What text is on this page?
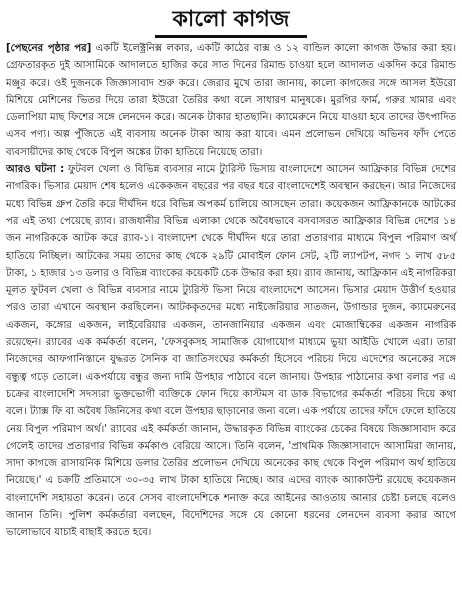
কালো কাগজ

[পেছনের পৃষ্ঠার পর] একটি ইলেক্ট্রনিক্স লকার, একটি কাঠের বাক্স ও ১২ বান্ডিল কালো কাগজ উদ্ধার করা হয়। গ্রেফতারকৃত দুই আসামিকে আদালতে হাজির করে সাত দিনের রিমান্ড চাওয়া হলে আদালত একদিন করে রিমান্ড মঞ্জুর করে। ওই দুজনকে জিজ্ঞাসাবাদ শুরু করে। জেরার মুখে তারা জানায়, কালো কাগজের সঙ্গে আসল ইউরো মিশিয়ে মেশিনের ভিতর দিয়ে তারা ইউরো তৈরির কথা বলে সাধারণ মানুষকে। মুরগির ফার্ম, গরুর খামার এবং ডেলাপিয়া মাছ ফিশের সঙ্গে লেনদেন করে। অনেক টাকার হাতছানি। ক্যামেরুনে নিয়ে যাওয়া হবে তাদের উৎপাদিত এসব পণ্য। অল্প পুঁজিতে এই ব্যবসায় অনেক টাকা আয় করা যাবে। এমন প্রলোভন দেখিয়ে অভিনব ফাঁদ পেতে ব্যবসায়ীদের কাছ থেকে বিপুল অঙ্কের টাকা হাতিয়ে নিয়েছে তারা।

আরও ঘটনা : ফুটবল খেলা ও বিভিন্ন ব্যবসার নামে ট্যুরিস্ট ভিসায় বাংলাদেশে আসেন আফ্রিকার বিভিন্ন দেশের নাগরিক। ভিসার মেয়াদ শেষ হলেও একেকজন বছরের পর বছর ধরে বাংলাদেশেই অবস্থান করছেন। আর নিজেদের মধ্যে বিভিন্ন গ্রুপ তৈরি করে দীর্ঘদিন ধরে বিভিন্ন অপকর্ম চালিয়ে আসছেন তারা। কয়েকজন আফ্রিকানকে আটকের পর এই তথ্য পেয়েছে র‍্যাব। রাজধানীর বিভিন্ন এলাকা থেকে অবৈধভাবে বসবাসরত আফ্রিকার বিভিন্ন দেশের ১৪ জন নাগরিককে আটক করে র‍্যাব-১। বাংলাদেশ থেকে দীর্ঘদিন ধরে তারা প্রতারণার মাধ্যমে বিপুল পরিমাণ অর্থ হাতিয়ে নিচ্ছিল। আটকের সময় তাদের কাছ থেকে ২৯টি মোবাইল ফোন সেট, ২টি ল্যাপটপ, নগদ ১ লাখ ৫৮৫ টাকা, ১ হাজার ১৩ ডলার ও বিভিন্ন ব্যাংকের কয়েকটি চেক উদ্ধার করা হয়। র‍্যাব জানায়, আফ্রিকান এই নাগরিকরা মূলত ফুটবল খেলা ও বিভিন্ন ব্যবসার নামে ট্যুরিস্ট ভিসা নিয়ে বাংলাদেশে আসেন। ভিসার মেয়াদ উত্তীর্ণ হওয়ার পরও তারা এখানে অবস্থান করছিলেন। আটককৃতদের মধ্যে নাইজেরিয়ার সাতজন, উগান্ডার দুজন, ক্যামেরুনের একজন, কঙ্গোর একজন, লাইবেরিয়ার একজন, তানজানিয়ার একজন এবং মোজাম্বিকের একজন নাগরিক রয়েছেন। র‍্যাবের এক কর্মকর্তা বলেন, 'ফেসবুকসহ সামাজিক যোগাযোগ মাধ্যমে ভুয়া আইডি খোলে এরা। তারা নিজেদের আফগানিস্তানে যুদ্ধরত সৈনিক বা জাতিসংঘের কর্মকর্তা হিসেবে পরিচয় দিয়ে এদেশের অনেকের সঙ্গে বন্ধুত্ব গড়ে তোলে। একপর্যায়ে বন্ধুর জন্য দামি উপহার পাঠাবে বলে জানায়। উপহার পাঠানোর কথা বলার পর এ চক্রের বাংলাদেশি সদস্যরা ভুক্তভোগী ব্যক্তিকে ফোন দিয়ে কাস্টমস বা ডাক বিভাগের কর্মকর্তা পরিচয় দিয়ে কথা বলে। ট্যাক্স ফি বা অবৈধ জিনিসের কথা বলে উপহার ছাড়ানোর জন্য বলে। এক পর্যায়ে তাদের ফাঁদে ফেলে হাতিয়ে নেয় বিপুল পরিমাণ অর্থ।' র‍্যাবের এই কর্মকর্তা জানান, উদ্ধারকৃত বিভিন্ন ব্যাংকের চেকের বিষয়ে জিজ্ঞাসাবাদ করে গেলেই তাদের প্রতারণার বিভিন্ন কর্মকাণ্ড বেরিয়ে আসে। তিনি বলেন, 'প্রাথমিক জিজ্ঞাসাবাদে আসামিরা জানায়, সাদা কাগজে রাসায়নিক মিশিয়ে ডলার তৈরির প্রলোভন দেখিয়ে অনেকের কাছ থেকে বিপুল পরিমাণ অর্থ হাতিয়ে নিয়েছে।' এ চক্রটি প্রতিমাসে ৩০-৩৫ লাখ টাকা হাতিয়ে নিচ্ছে। আর এদের ব্যাংক অ্যাকাউন্ট রয়েছে কয়েকজন বাংলাদেশি সহায়তা করেন। তবে সেসব বাংলাদেশিকে শনাক্ত করে আইনের আওতায় আনার চেষ্টা চলছে বলেও জানান তিনি। পুলিশ কর্মকর্তারা বলছেন, বিদেশিদের সঙ্গে যে কোনো ধরনের লেনদেন ব্যবসা করার আগে ভালোভাবে যাচাই বাছাই করতে হবে।
